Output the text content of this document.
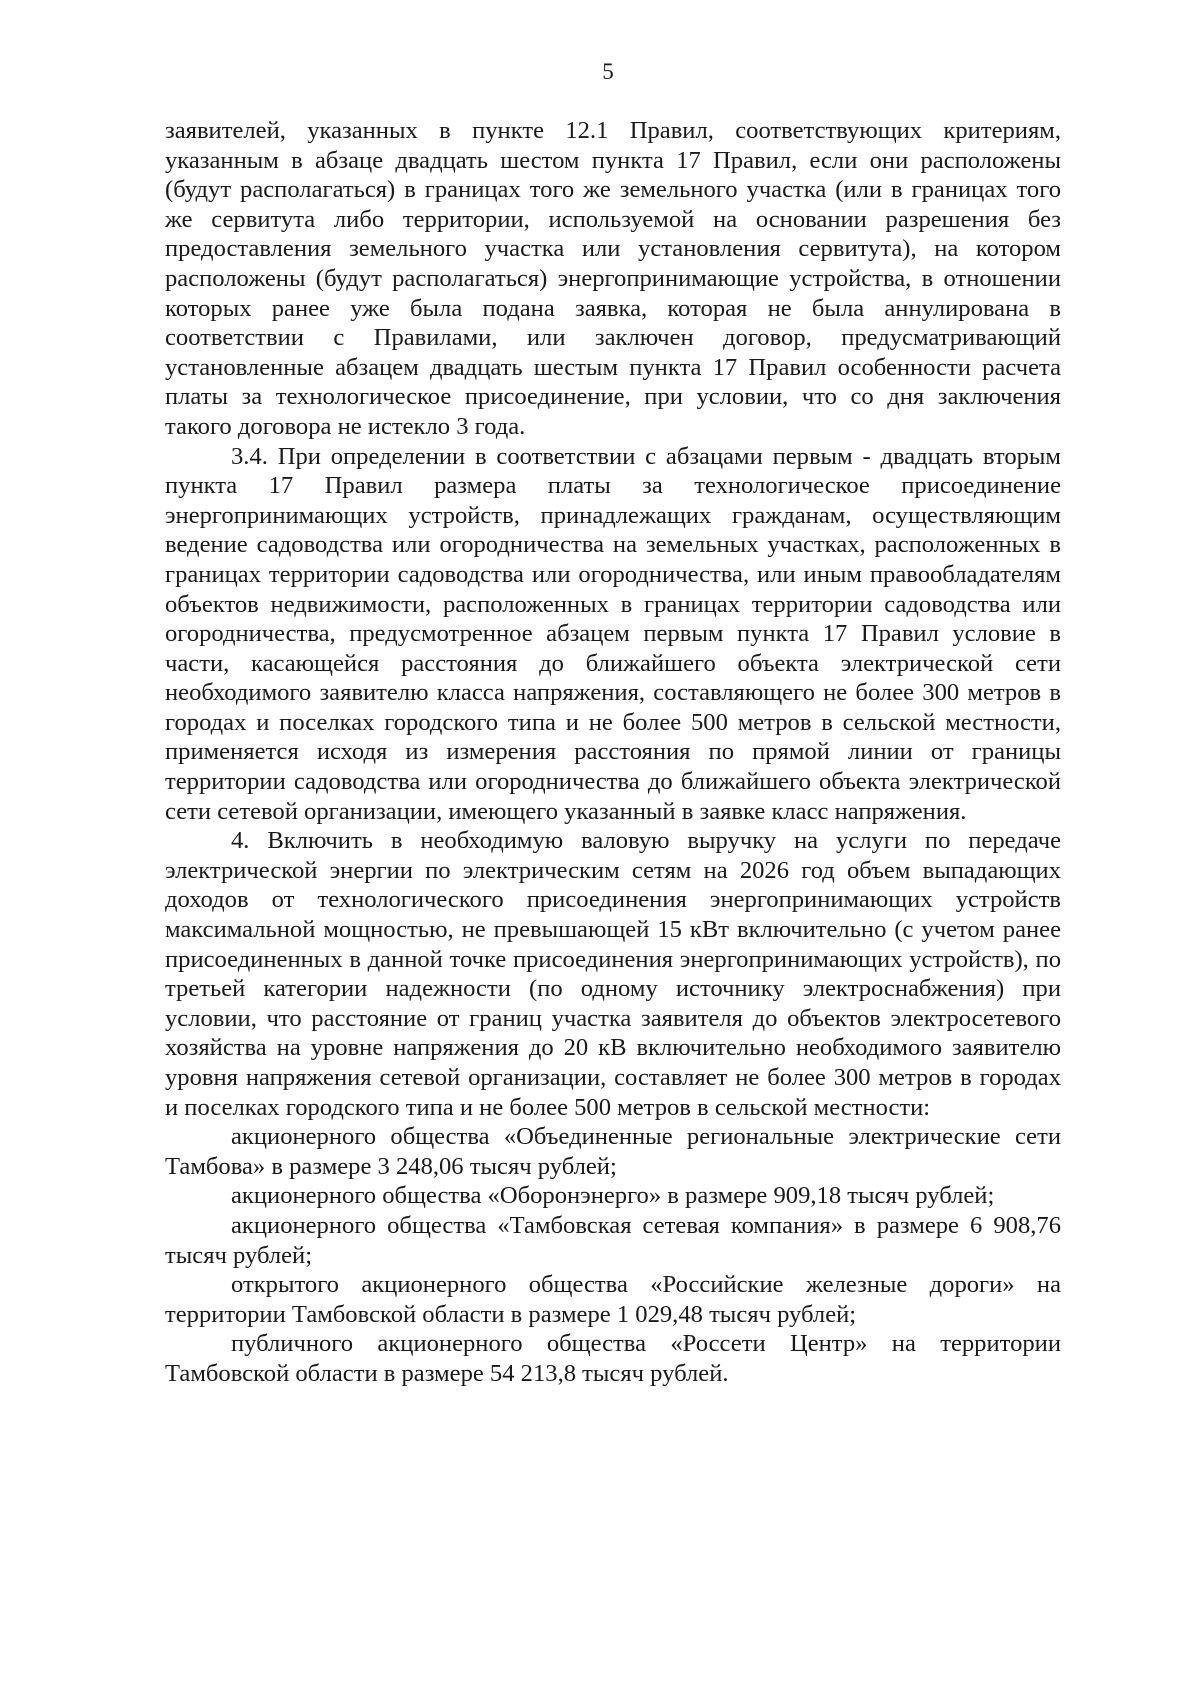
5

заявителей, указанных в пункте 12.1 Правил, соответствующих критериям, указанным в абзаце двадцать шестом пункта 17 Правил, если они расположены (будут располагаться) в границах того же земельного участка (или в границах того же сервитута либо территории, используемой на основании разрешения без предоставления земельного участка или установления сервитута), на котором расположены (будут располагаться) энергопринимающие устройства, в отношении которых ранее уже была подана заявка, которая не была аннулирована в соответствии с Правилами, или заключен договор, предусматривающий установленные абзацем двадцать шестым пункта 17 Правил особенности расчета платы за технологическое присоединение, при условии, что со дня заключения такого договора не истекло 3 года.

3.4. При определении в соответствии с абзацами первым - двадцать вторым пункта 17 Правил размера платы за технологическое присоединение энергопринимающих устройств, принадлежащих гражданам, осуществляющим ведение садоводства или огородничества на земельных участках, расположенных в границах территории садоводства или огородничества, или иным правообладателям объектов недвижимости, расположенных в границах территории садоводства или огородничества, предусмотренное абзацем первым пункта 17 Правил условие в части, касающейся расстояния до ближайшего объекта электрической сети необходимого заявителю класса напряжения, составляющего не более 300 метров в городах и поселках городского типа и не более 500 метров в сельской местности, применяется исходя из измерения расстояния по прямой линии от границы территории садоводства или огородничества до ближайшего объекта электрической сети сетевой организации, имеющего указанный в заявке класс напряжения.

4. Включить в необходимую валовую выручку на услуги по передаче электрической энергии по электрическим сетям на 2026 год объем выпадающих доходов от технологического присоединения энергопринимающих устройств максимальной мощностью, не превышающей 15 кВт включительно (с учетом ранее присоединенных в данной точке присоединения энергопринимающих устройств), по третьей категории надежности (по одному источнику электроснабжения) при условии, что расстояние от границ участка заявителя до объектов электросетевого хозяйства на уровне напряжения до 20 кВ включительно необходимого заявителю уровня напряжения сетевой организации, составляет не более 300 метров в городах и поселках городского типа и не более 500 метров в сельской местности:

акционерного общества «Объединенные региональные электрические сети Тамбова» в размере 3 248,06 тысяч рублей;

акционерного общества «Оборонэнерго» в размере 909,18 тысяч рублей;

акционерного общества «Тамбовская сетевая компания» в размере 6 908,76 тысяч рублей;

открытого акционерного общества «Российские железные дороги» на территории Тамбовской области в размере 1 029,48 тысяч рублей;

публичного акционерного общества «Россети Центр» на территории Тамбовской области в размере 54 213,8 тысяч рублей.
